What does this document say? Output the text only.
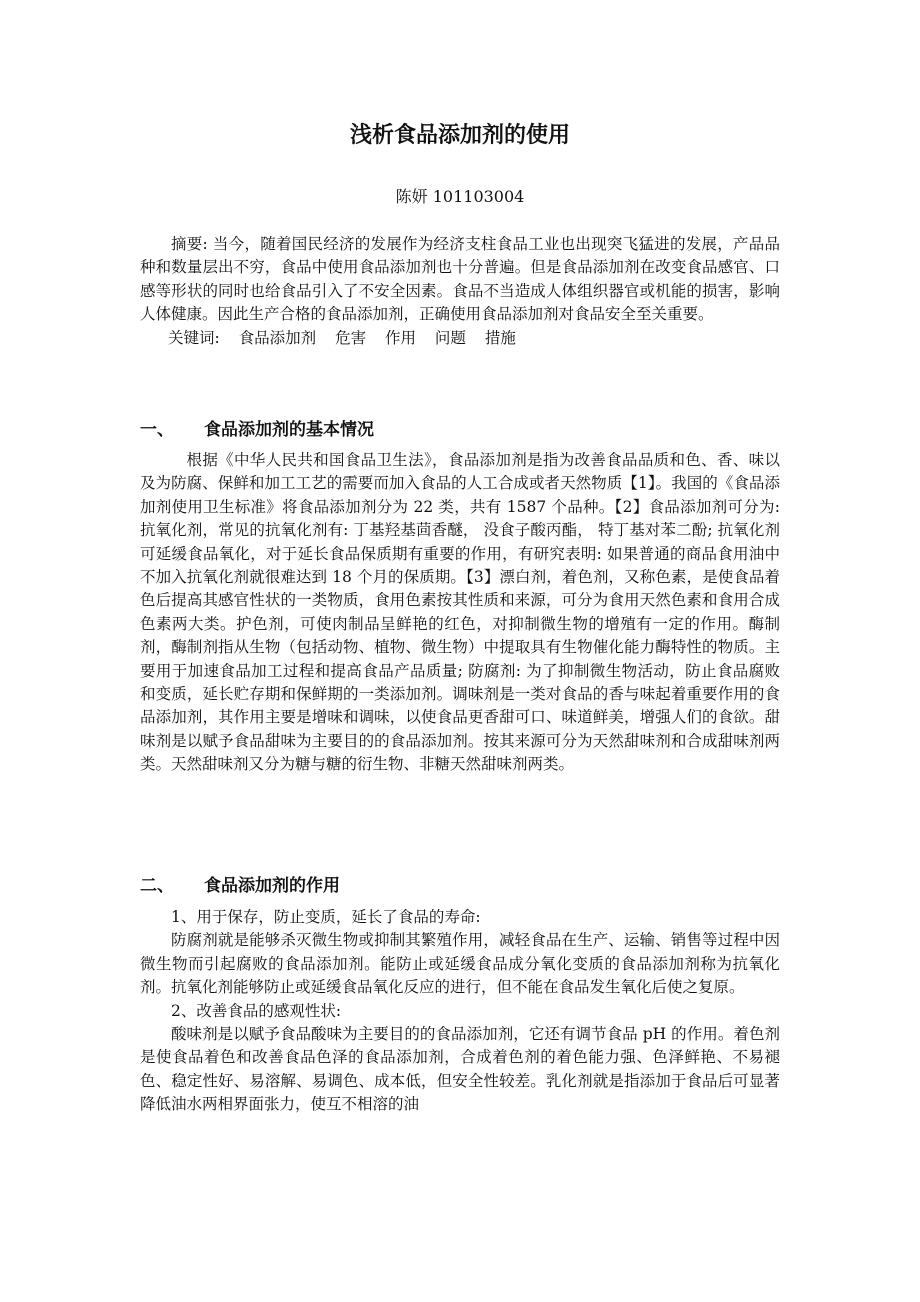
浅析食品添加剂的使用
陈妍 101103004

摘要: 当今，随着国民经济的发展作为经济支柱食品工业也出现突飞猛进的发展，产品品种和数量层出不穷，食品中使用食品添加剂也十分普遍。但是食品添加剂在改变食品感官、口感等形状的同时也给食品引入了不安全因素。食品不当造成人体组织器官或机能的损害，影响人体健康。因此生产合格的食品添加剂，正确使用食品添加剂对食品安全至关重要。

关键词: 食品添加剂 危害 作用 问题 措施

一、 食品添加剂的基本情况

根据《中华人民共和国食品卫生法》，食品添加剂是指为改善食品品质和色、香、味以及为防腐、保鲜和加工工艺的需要而加入食品的人工合成或者天然物质【1】。我国的《食品添加剂使用卫生标准》将食品添加剂分为 22 类，共有 1587 个品种。【2】食品添加剂可分为: 抗氧化剂，常见的抗氧化剂有: 丁基羟基茴香醚， 没食子酸丙酯， 特丁基对苯二酚; 抗氧化剂可延缓食品氧化，对于延长食品保质期有重要的作用，有研究表明: 如果普通的商品食用油中不加入抗氧化剂就很难达到 18 个月的保质期。【3】漂白剂，着色剂，又称色素，是使食品着色后提高其感官性状的一类物质，食用色素按其性质和来源，可分为食用天然色素和食用合成色素两大类。护色剂，可使肉制品呈鲜艳的红色，对抑制微生物的增殖有一定的作用。酶制剂，酶制剂指从生物（包括动物、植物、微生物）中提取具有生物催化能力酶特性的物质。主要用于加速食品加工过程和提高食品产品质量; 防腐剂: 为了抑制微生物活动，防止食品腐败和变质，延长贮存期和保鲜期的一类添加剂。调味剂是一类对食品的香与味起着重要作用的食品添加剂，其作用主要是增味和调味，以使食品更香甜可口、味道鲜美，增强人们的食欲。甜味剂是以赋予食品甜味为主要目的的食品添加剂。按其来源可分为天然甜味剂和合成甜味剂两类。天然甜味剂又分为糖与糖的衍生物、非糖天然甜味剂两类。

二、 食品添加剂的作用

1、用于保存，防止变质，延长了食品的寿命:

防腐剂就是能够杀灭微生物或抑制其繁殖作用，减轻食品在生产、运输、销售等过程中因微生物而引起腐败的食品添加剂。能防止或延缓食品成分氧化变质的食品添加剂称为抗氧化剂。抗氧化剂能够防止或延缓食品氧化反应的进行，但不能在食品发生氧化后使之复原。

2、改善食品的感观性状:

酸味剂是以赋予食品酸味为主要目的的食品添加剂，它还有调节食品 pH 的作用。着色剂是使食品着色和改善食品色泽的食品添加剂，合成着色剂的着色能力强、色泽鲜艳、不易褪色、稳定性好、易溶解、易调色、成本低，但安全性较差。乳化剂就是指添加于食品后可显著降低油水两相界面张力，使互不相溶的油
